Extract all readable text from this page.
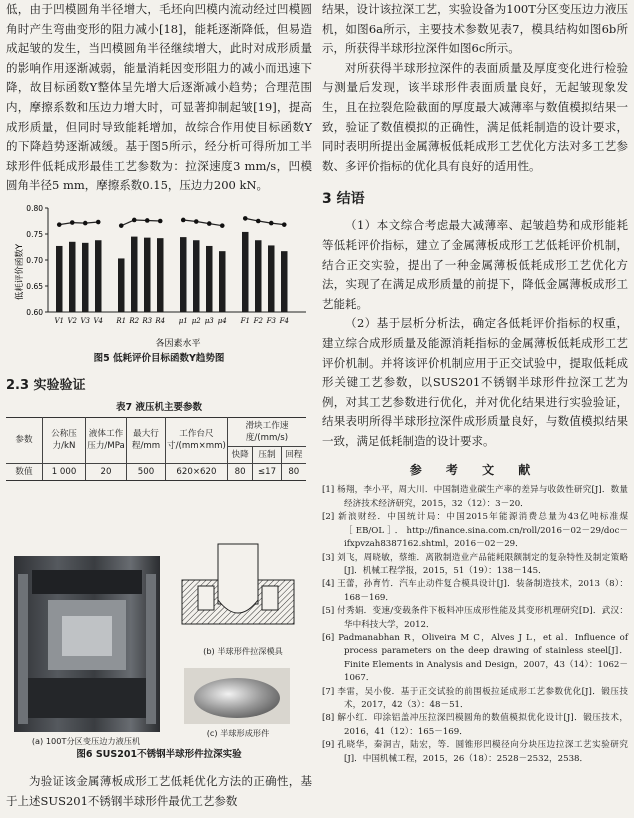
低，由于凹模圆角半径增大，毛坯向凹模内流动经过凹模圆角时产生弯曲变形的阻力减小[18]，能耗逐渐降低，但易造成起皱的发生，当凹模圆角半径继续增大，此时对成形质量的影响作用逐渐减弱，能量消耗因变形阻力的减小而迅速下降，故目标函数Y整体呈先增大后逐渐减小趋势；合理范围内，摩擦系数和压边力增大时，可显著抑制起皱[19]，提高成形质量，但同时导致能耗增加，故综合作用使目标函数Y的下降趋势逐渐减缓。基于图5所示，经分析可得所加工半球形件低耗成形最佳工艺参数为：拉深速度3 mm/s，凹模圆角半径5 mm，摩擦系数0.15，压边力200 kN。

低耗评价函数Y
0.60
0.65
0.70
0.75
0.80
V1 V2 V3 V4 R1 R2 R3 R4 μ1 μ2 μ3 μ4 F1 F2 F3 F4
各因素水平
图5 低耗评价目标函数Y趋势图
2.3 实验验证
表7 液压机主要参数
参数	公称压力/kN	液体工作压力/MPa	最大行程/mm	工作台尺寸/(mm×mm)	滑块工作速度/(mm/s)		
					快降	压制	回程
数值	1 000	20	500	620×620	80	≤17	80
(a) 100T分区变压边力液压机
(b) 半球形件拉深模具
(c) 半球形成形件
图6 SUS201不锈钢半球形件拉深实验

为验证该金属薄板成形工艺低耗优化方法的正确性，基于上述SUS201不锈钢半球形件最优工艺参数

结果，设计该拉深工艺，实验设备为100T分区变压边力液压机，如图6a所示，主要技术参数见表7，模具结构如图6b所示，所获得半球形拉深件如图6c所示。

对所获得半球形拉深件的表面质量及厚度变化进行检验与测量后发现，该半球形件表面质量良好，无起皱现象发生，且在拉裂危险截面的厚度最大减薄率与数值模拟结果一致，验证了数值模拟的正确性，满足低耗制造的设计要求，同时表明所提出金属薄板低耗成形工艺优化方法对多工艺参数、多评价指标的优化具有良好的适用性。

3 结语

（1）本文综合考虑最大减薄率、起皱趋势和成形能耗等低耗评价指标，建立了金属薄板成形工艺低耗评价机制，结合正交实验，提出了一种金属薄板低耗成形工艺优化方法，实现了在满足成形质量的前提下，降低金属薄板成形工艺能耗。

（2）基于层析分析法，确定各低耗评价指标的权重，建立综合成形质量及能源消耗指标的金属薄板低耗成形工艺评价机制。并将该评价机制应用于正交试验中，提取低耗成形关键工艺参数，以SUS201不锈钢半球形件拉深工艺为例，对其工艺参数进行优化，并对优化结果进行实验验证，结果表明所得半球形拉深件成形质量良好，与数值模拟结果一致，满足低耗制造的设计要求。

参 考 文 献
[1] 杨翔，李小平，周大川．中国制造业碳生产率的差异与收敛性研究[J]．数量经济技术经济研究，2015，32（12）：3－20．
[2] 新浪财经．中国统计局：中国2015年能源消费总量为43亿吨标准煤［EB/OL］．http://finance.sina.com.cn/roll/2016－02－29/doc－ifxpvzah8387162.shtml，2016－02－29．
[3] 刘飞，周晓敏，蔡维．离散制造业产品能耗限额制定的复杂特性及制定策略[J]．机械工程学报，2015，51（19）：138－145．
[4] 王蕾，孙育竹．汽车止动件复合模具设计[J]．装备制造技术，2013（8）：168－169．
[5] 付秀娟．变速/变载条件下板料冲压成形性能及其变形机理研究[D]．武汉：华中科技大学，2012．
[6] Padmanabhan R，Oliveira M C，Alves J L，et al．Influence of process parameters on the deep drawing of stainless steel[J]．Finite Elements in Analysis and Design，2007，43（14）：1062－1067．
[7] 李雷，吴小俊．基于正交试验的前围板拉延成形工艺参数优化[J]．锻压技术，2017，42（3）：48－51．
[8] 解小红．印涂铝盖冲压拉深凹模圆角的数值模拟优化设计[J]．锻压技术，2016，41（12）：165－169．
[9] 孔晓华，秦洞吉，陆宏，等．圆锥形凹模径向分块压边拉深工艺实验研究[J]．中国机械工程，2015，26（18）：2528－2532，2538．
